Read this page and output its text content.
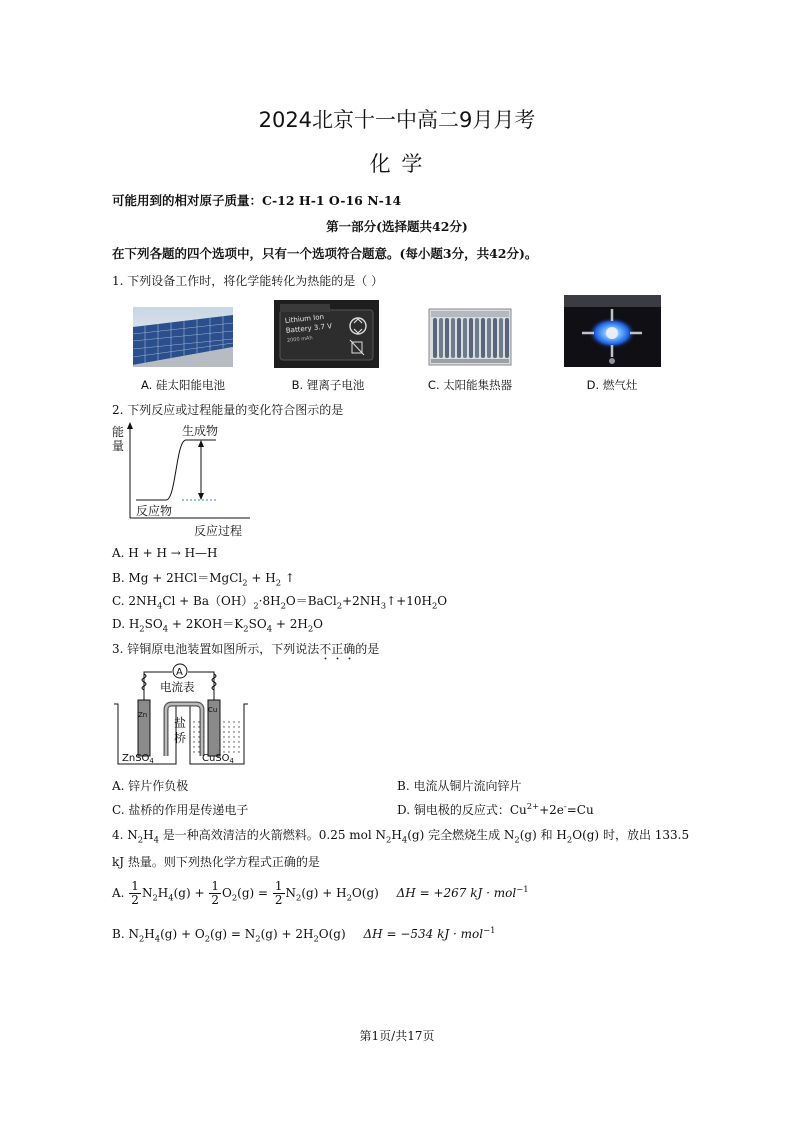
2024北京十一中高二9月月考
化 学
可能用到的相对原子质量：C-12 H-1 O-16 N-14
第一部分(选择题共42分)
在下列各题的四个选项中，只有一个选项符合题意。(每小题3分，共42分)。
1. 下列设备工作时，将化学能转化为热能的是（ ）
A. 硅太阳能电池
Lithium Ion
Battery 3.7 V
2000 mAh
B. 锂离子电池	C. 太阳能集热器	D. 燃气灶
2. 下列反应或过程能量的变化符合图示的是
能
量
生成物
反应物
反应过程
A. H + H → H—H
B. Mg + 2HCl＝MgCl$_2$ + $H_2$ ↑
C. $2NH_4Cl$ + $Ba(OH)_2\cdot 8H_2O=BaCl_2+2NH_3↑+10H_2O$
D. $H_2SO_4 + 2KOH=K_2SO_4 + 2H_2O$
3. 锌铜原电池装置如图所示，下列说法不正确的是
A
电流表
盐
桥
Zn
Cu
ZnSO$_4$	CuSO$_4$
A. 锌片作负极	B. 电流从铜片流向锌片
C. 盐桥的作用是传递电子	D. 铜电极的反应式：$Cu^{2+}+2e^-=Cu$
4. $N_2H_4$ 是一种高效清洁的火箭燃料。0.25 mol $N_2H_4(g)$ 完全燃烧生成 $N_2(g)$ 和 $H_2O(g)$ 时，放出 133.5
kJ 热量。则下列热化学方程式正确的是
A. $\frac{1}{2} N_2H_4(g) + \frac{1}{2} O_2(g) = \frac{1}{2} N_2(g) + H_2O(g) \Delta H = +267$ kJ · mol$^{-1}$
B. $N_2H_4(g) + O_2(g) = N_2(g) + 2H_2O(g) \Delta H = -534$ kJ · mol$^{-1}$
第1页/共17页
